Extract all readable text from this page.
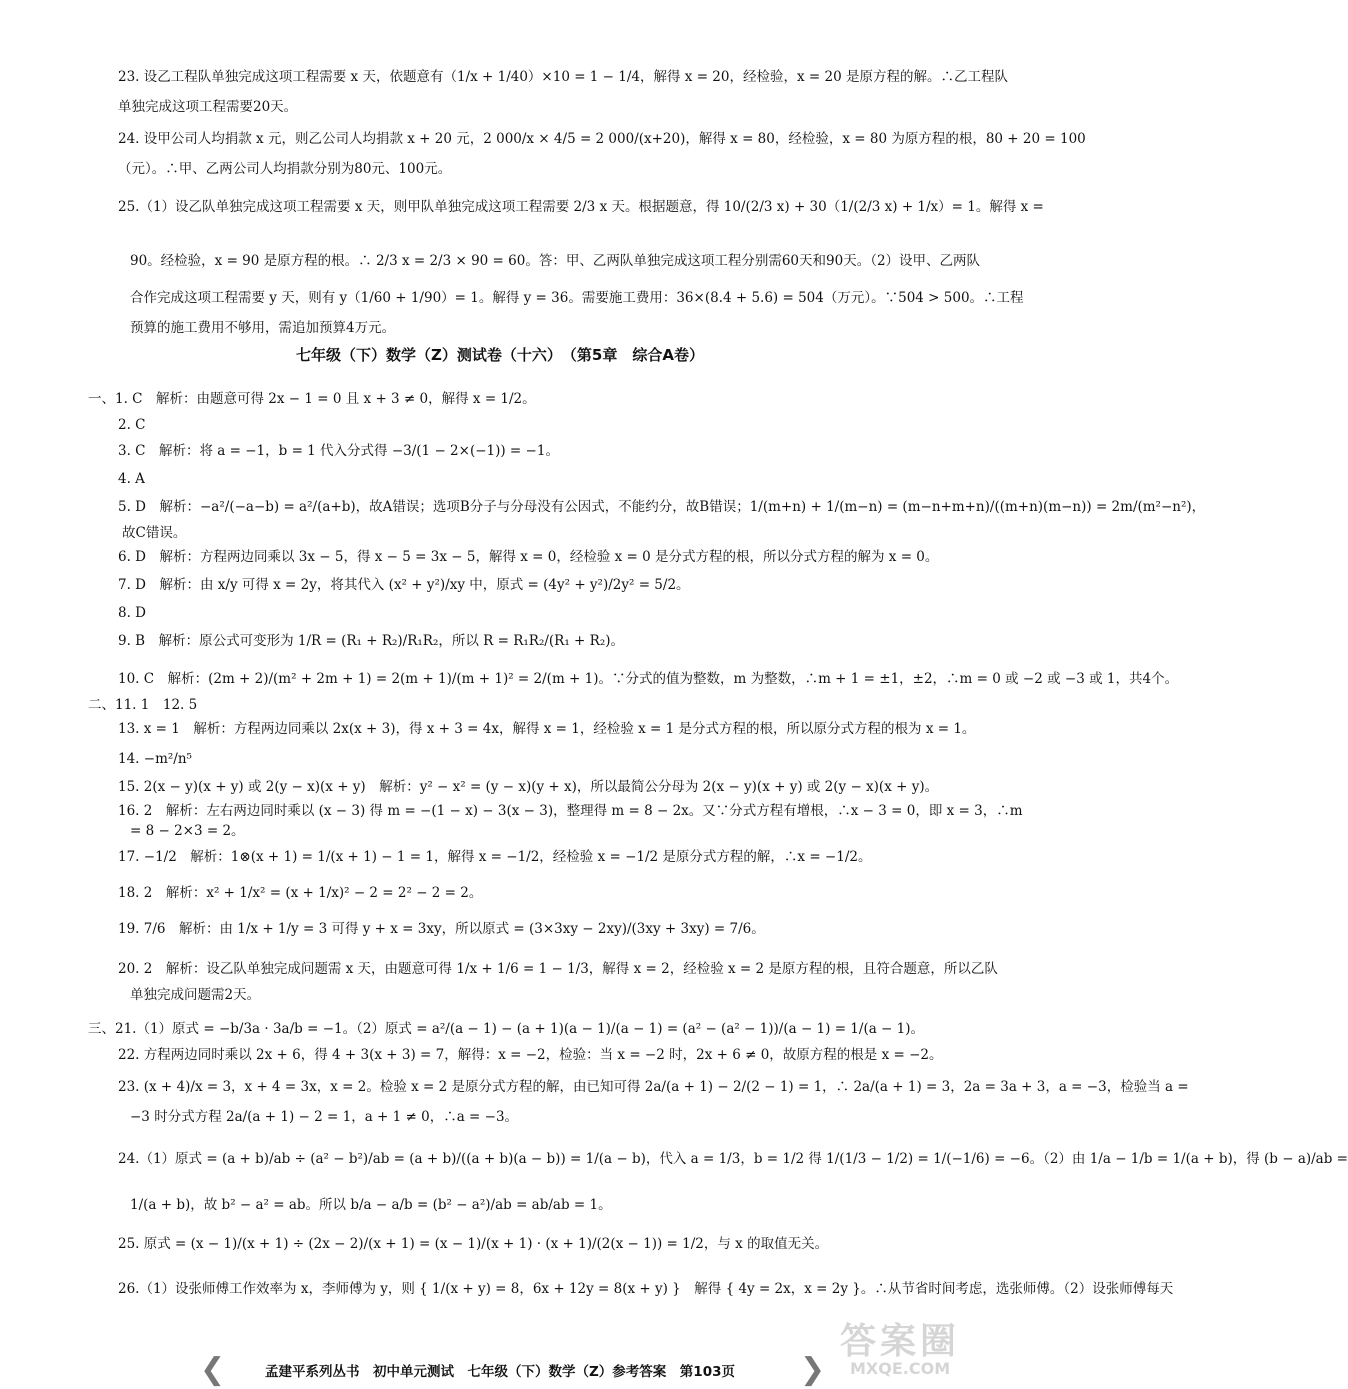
23. 设乙工程队单独完成这项工程需要 x 天，依题意有（1/x + 1/40）×10 = 1 − 1/4，解得 x = 20，经检验，x = 20 是原方程的解。∴乙工程队
单独完成这项工程需要20天。
24. 设甲公司人均捐款 x 元，则乙公司人均捐款 x + 20 元，2 000/x × 4/5 = 2 000/(x+20)，解得 x = 80，经检验，x = 80 为原方程的根，80 + 20 = 100
（元）。∴甲、乙两公司人均捐款分别为80元、100元。
25.（1）设乙队单独完成这项工程需要 x 天，则甲队单独完成这项工程需要 2/3 x 天。根据题意，得 10/(2/3 x) + 30（1/(2/3 x) + 1/x）= 1。解得 x =
90。经检验，x = 90 是原方程的根。∴ 2/3 x = 2/3 × 90 = 60。答：甲、乙两队单独完成这项工程分别需60天和90天。（2）设甲、乙两队
合作完成这项工程需要 y 天，则有 y（1/60 + 1/90）= 1。解得 y = 36。需要施工费用：36×(8.4 + 5.6) = 504（万元）。∵504 > 500。∴工程
预算的施工费用不够用，需追加预算4万元。
一、1. C　解析：由题意可得 2x − 1 = 0 且 x + 3 ≠ 0，解得 x = 1/2。
2. C
3. C　解析：将 a = −1，b = 1 代入分式得 −3/(1 − 2×(−1)) = −1。
4. A
5. D　解析：−a²/(−a−b) = a²/(a+b)，故A错误；选项B分子与分母没有公因式，不能约分，故B错误；1/(m+n) + 1/(m−n) = (m−n+m+n)/((m+n)(m−n)) = 2m/(m²−n²)，
故C错误。
6. D　解析：方程两边同乘以 3x − 5，得 x − 5 = 3x − 5，解得 x = 0，经检验 x = 0 是分式方程的根，所以分式方程的解为 x = 0。
7. D　解析：由 x/y 可得 x = 2y，将其代入 (x² + y²)/xy 中，原式 = (4y² + y²)/2y² = 5/2。
8. D
9. B　解析：原公式可变形为 1/R = (R₁ + R₂)/R₁R₂，所以 R = R₁R₂/(R₁ + R₂)。
10. C　解析：(2m + 2)/(m² + 2m + 1) = 2(m + 1)/(m + 1)² = 2/(m + 1)。∵分式的值为整数，m 为整数，∴m + 1 = ±1，±2，∴m = 0 或 −2 或 −3 或 1，共4个。
二、11. 1　12. 5
13. x = 1　解析：方程两边同乘以 2x(x + 3)，得 x + 3 = 4x，解得 x = 1，经检验 x = 1 是分式方程的根，所以原分式方程的根为 x = 1。
14. −m²/n⁵
15. 2(x − y)(x + y) 或 2(y − x)(x + y)　解析：y² − x² = (y − x)(y + x)，所以最简公分母为 2(x − y)(x + y) 或 2(y − x)(x + y)。
16. 2　解析：左右两边同时乘以 (x − 3) 得 m = −(1 − x) − 3(x − 3)，整理得 m = 8 − 2x。又∵分式方程有增根，∴x − 3 = 0，即 x = 3，∴m
= 8 − 2×3 = 2。
17. −1/2　解析：1⊗(x + 1) = 1/(x + 1) − 1 = 1，解得 x = −1/2，经检验 x = −1/2 是原分式方程的解，∴x = −1/2。
18. 2　解析：x² + 1/x² = (x + 1/x)² − 2 = 2² − 2 = 2。
19. 7/6　解析：由 1/x + 1/y = 3 可得 y + x = 3xy，所以原式 = (3×3xy − 2xy)/(3xy + 3xy) = 7/6。
20. 2　解析：设乙队单独完成问题需 x 天，由题意可得 1/x + 1/6 = 1 − 1/3，解得 x = 2，经检验 x = 2 是原方程的根，且符合题意，所以乙队
单独完成问题需2天。
三、21.（1）原式 = −b/3a · 3a/b = −1。（2）原式 = a²/(a − 1) − (a + 1)(a − 1)/(a − 1) = (a² − (a² − 1))/(a − 1) = 1/(a − 1)。
22. 方程两边同时乘以 2x + 6，得 4 + 3(x + 3) = 7，解得：x = −2，检验：当 x = −2 时，2x + 6 ≠ 0，故原方程的根是 x = −2。
23. (x + 4)/x = 3，x + 4 = 3x，x = 2。检验 x = 2 是原分式方程的解，由已知可得 2a/(a + 1) − 2/(2 − 1) = 1，∴ 2a/(a + 1) = 3，2a = 3a + 3，a = −3，检验当 a =
−3 时分式方程 2a/(a + 1) − 2 = 1，a + 1 ≠ 0，∴a = −3。
24.（1）原式 = (a + b)/ab ÷ (a² − b²)/ab = (a + b)/((a + b)(a − b)) = 1/(a − b)，代入 a = 1/3，b = 1/2 得 1/(1/3 − 1/2) = 1/(−1/6) = −6。（2）由 1/a − 1/b = 1/(a + b)，得 (b − a)/ab =
1/(a + b)，故 b² − a² = ab。所以 b/a − a/b = (b² − a²)/ab = ab/ab = 1。
25. 原式 = (x − 1)/(x + 1) ÷ (2x − 2)/(x + 1) = (x − 1)/(x + 1) · (x + 1)/(2(x − 1)) = 1/2，与 x 的取值无关。
26.（1）设张师傅工作效率为 x，李师傅为 y，则 { 1/(x + y) = 8，6x + 12y = 8(x + y) }　解得 { 4y = 2x，x = 2y }。∴从节省时间考虑，选张师傅。（2）设张师傅每天
七年级（下）数学（Z）测试卷（十六）　（第5章　综合A卷）
❮	孟建平系列丛书　初中单元测试　七年级（下）数学（Z）参考答案　第103页	❯
答案圈
MXQE.COM
